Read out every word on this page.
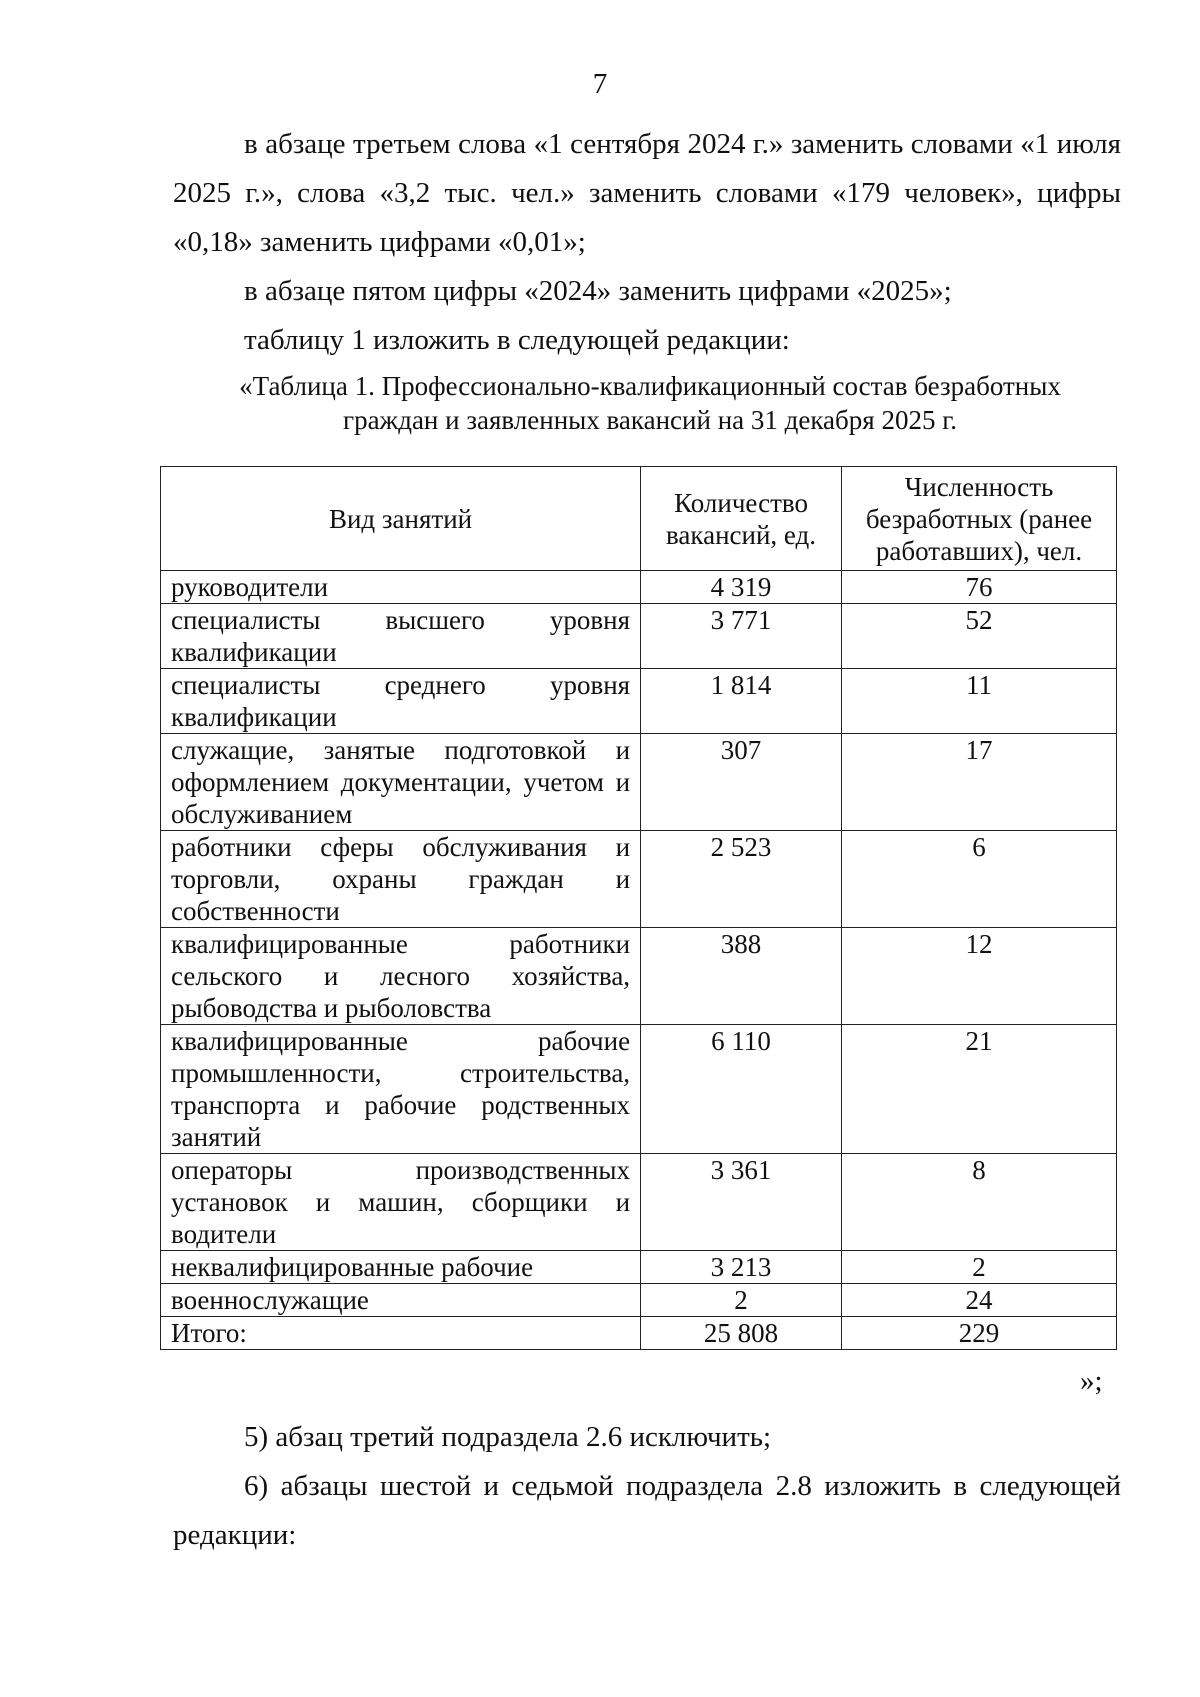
7

в абзаце третьем слова «1 сентября 2024 г.» заменить словами «1 июля 2025 г.», слова «3,2 тыс. чел.» заменить словами «179 человек», цифры «0,18» заменить цифрами «0,01»;

в абзаце пятом цифры «2024» заменить цифрами «2025»;

таблицу 1 изложить в следующей редакции:

«Таблица 1. Профессионально-квалификационный состав безработных
граждан и заявленных вакансий на 31 декабря 2025 г.
Вид занятий	Количество вакансий, ед.	Численность безработных (ранее работавших), чел.
руководители	4 319	76
специалисты высшего уровня квалификации	3 771	52
специалисты среднего уровня квалификации	1 814	11
служащие, занятые подготовкой и оформлением документации, учетом и обслуживанием	307	17
работники сферы обслуживания и торговли, охраны граждан и собственности	2 523	6
квалифицированные работники сельского и лесного хозяйства, рыбоводства и рыболовства	388	12
квалифицированные рабочие промышленности, строительства, транспорта и рабочие родственных занятий	6 110	21
операторы производственных установок и машин, сборщики и водители	3 361	8
неквалифицированные рабочие	3 213	2
военнослужащие	2	24
Итого:	25 808	229
»;

5) абзац третий подраздела 2.6 исключить;

6) абзацы шестой и седьмой подраздела 2.8 изложить в следующей редакции:
